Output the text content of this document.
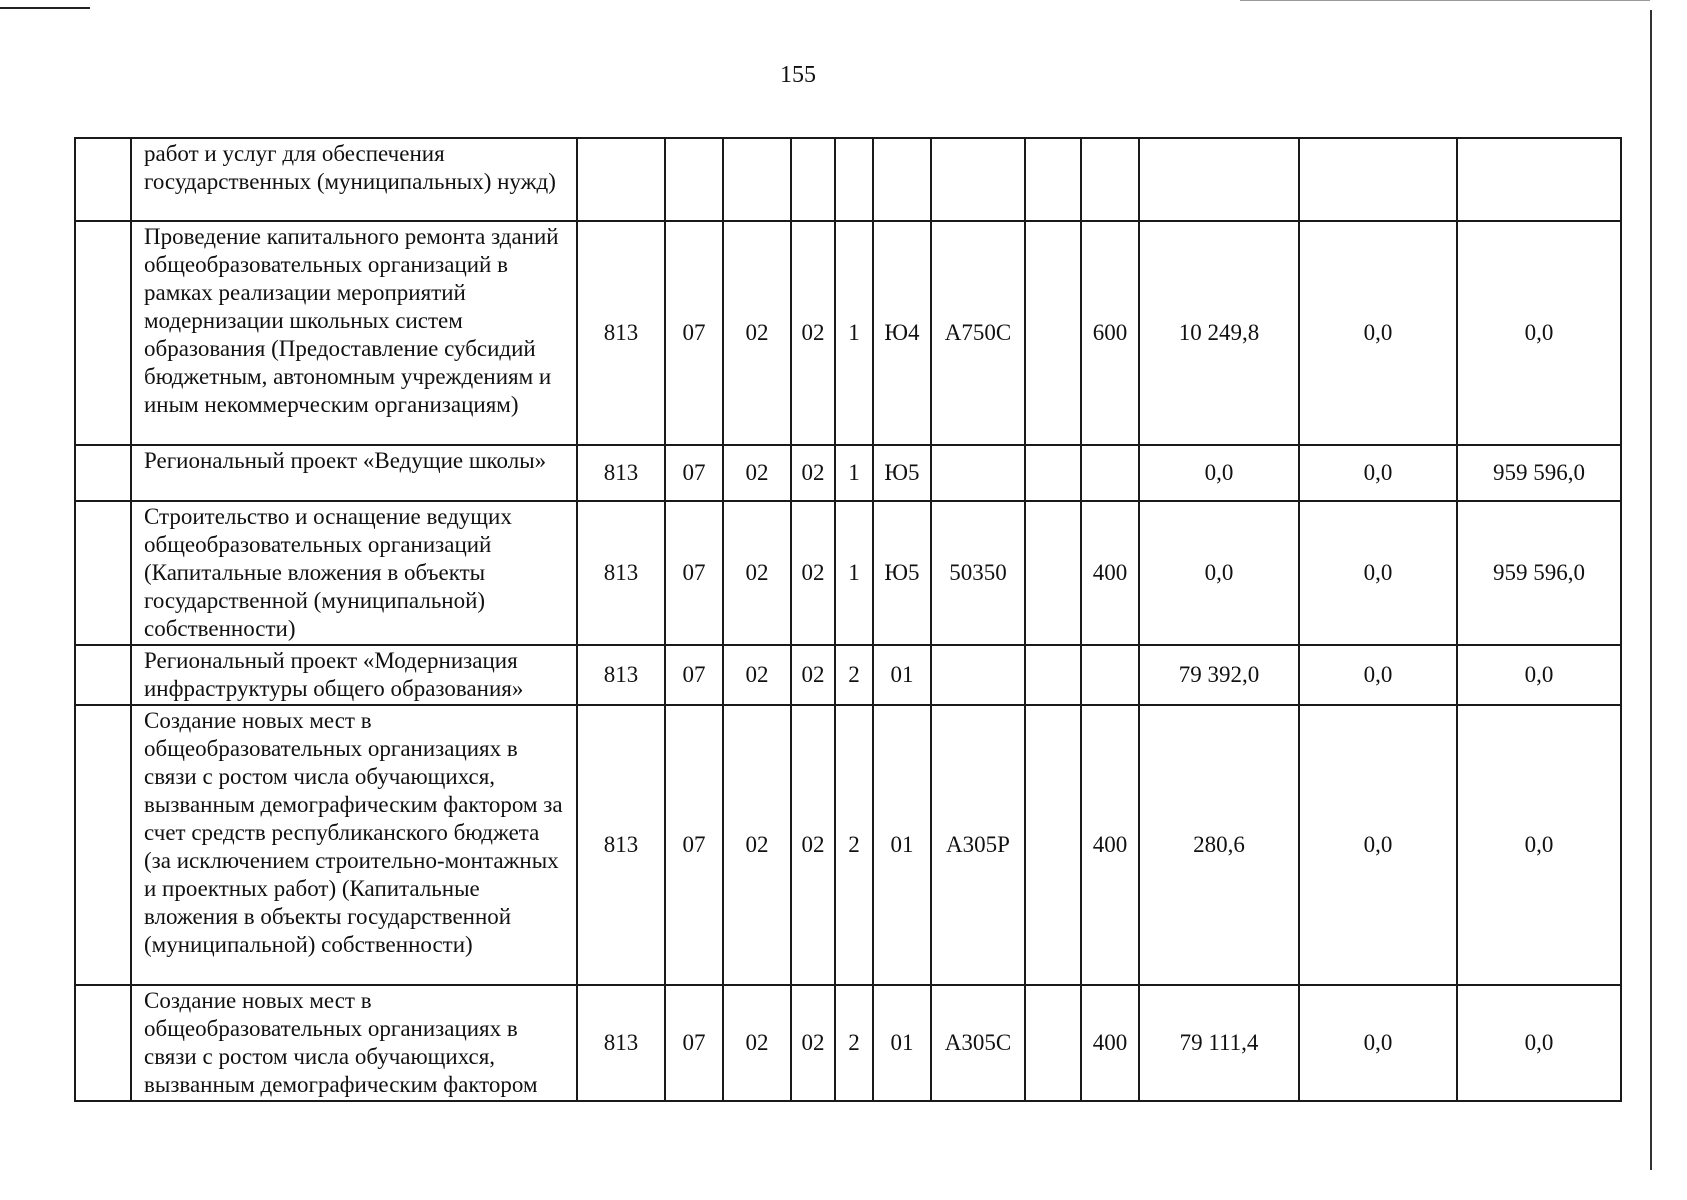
155
	работ и услуг для обеспечения государственных (муниципальных) нужд)												
	Проведение капитального ремонта зданий общеобразовательных организаций в рамках реализации мероприятий модернизации школьных систем образования (Предоставление субсидий бюджетным, автономным учреждениям и иным некоммерческим организациям)	813	07	02	02	1	Ю4	А750С		600	10 249,8	0,0	0,0
	Региональный проект «Ведущие школы»	813	07	02	02	1	Ю5				0,0	0,0	959 596,0
	Строительство и оснащение ведущих общеобразовательных организаций (Капитальные вложения в объекты государственной (муниципальной) собственности)	813	07	02	02	1	Ю5	50350		400	0,0	0,0	959 596,0
	Региональный проект «Модернизация инфраструктуры общего образования»	813	07	02	02	2	01				79 392,0	0,0	0,0
	Создание новых мест в общеобразовательных организациях в связи с ростом числа обучающихся, вызванным демографическим фактором за счет средств республиканского бюджета (за исключением строительно-монтажных и проектных работ) (Капитальные вложения в объекты государственной (муниципальной) собственности)	813	07	02	02	2	01	А305Р		400	280,6	0,0	0,0
	Создание новых мест в общеобразовательных организациях в связи с ростом числа обучающихся, вызванным демографическим фактором	813	07	02	02	2	01	А305С		400	79 111,4	0,0	0,0
